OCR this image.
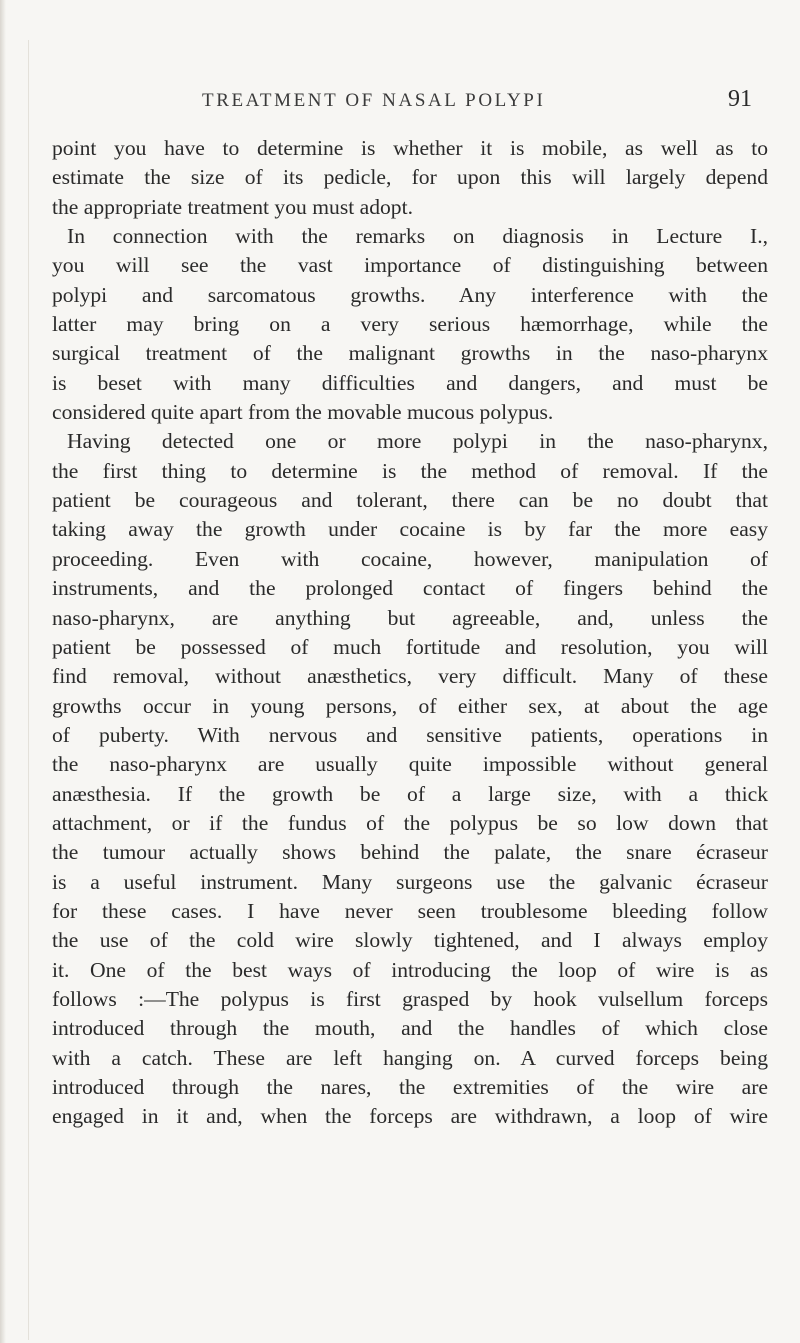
TREATMENT OF NASAL POLYPI	91
point you have to determine is whether it is mobile, as well as to
estimate the size of its pedicle, for upon this will largely depend
the appropriate treatment you must adopt.
In connection with the remarks on diagnosis in Lecture I.,
you will see the vast importance of distinguishing between
polypi and sarcomatous growths. Any interference with the
latter may bring on a very serious hæmorrhage, while the
surgical treatment of the malignant growths in the naso-pharynx
is beset with many difficulties and dangers, and must be
considered quite apart from the movable mucous polypus.
Having detected one or more polypi in the naso-pharynx,
the first thing to determine is the method of removal. If the
patient be courageous and tolerant, there can be no doubt that
taking away the growth under cocaine is by far the more easy
proceeding. Even with cocaine, however, manipulation of
instruments, and the prolonged contact of fingers behind the
naso-pharynx, are anything but agreeable, and, unless the
patient be possessed of much fortitude and resolution, you will
find removal, without anæsthetics, very difficult. Many of these
growths occur in young persons, of either sex, at about the age
of puberty. With nervous and sensitive patients, operations in
the naso-pharynx are usually quite impossible without general
anæsthesia. If the growth be of a large size, with a thick
attachment, or if the fundus of the polypus be so low down that
the tumour actually shows behind the palate, the snare écraseur
is a useful instrument. Many surgeons use the galvanic écraseur
for these cases. I have never seen troublesome bleeding follow
the use of the cold wire slowly tightened, and I always employ
it. One of the best ways of introducing the loop of wire is as
follows :—The polypus is first grasped by hook vulsellum forceps
introduced through the mouth, and the handles of which close
with a catch. These are left hanging on. A curved forceps being
introduced through the nares, the extremities of the wire are
engaged in it and, when the forceps are withdrawn, a loop of wire
